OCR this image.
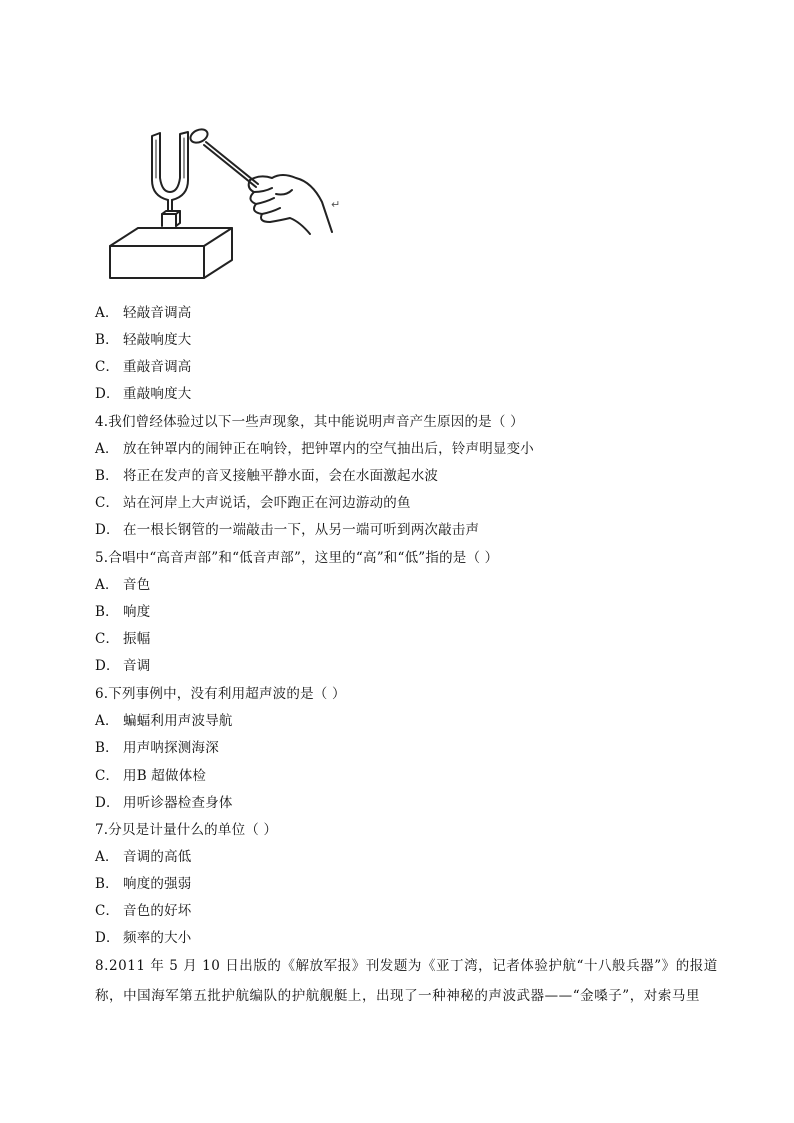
↵
A． 轻敲音调高
B． 轻敲响度大
C． 重敲音调高
D． 重敲响度大
4.我们曾经体验过以下一些声现象，其中能说明声音产生原因的是（ ）
A． 放在钟罩内的闹钟正在响铃，把钟罩内的空气抽出后，铃声明显变小
B． 将正在发声的音叉接触平静水面，会在水面激起水波
C． 站在河岸上大声说话，会吓跑正在河边游动的鱼
D． 在一根长钢管的一端敲击一下，从另一端可听到两次敲击声
5.合唱中“高音声部”和“低音声部”，这里的“高”和“低”指的是（ ）
A． 音色
B． 响度
C． 振幅
D． 音调
6.下列事例中，没有利用超声波的是（ ）
A． 蝙蝠利用声波导航
B． 用声呐探测海深
C． 用B 超做体检
D． 用听诊器检查身体
7.分贝是计量什么的单位（ ）
A． 音调的高低
B． 响度的强弱
C． 音色的好坏
D． 频率的大小
8.2011 年 5 月 10 日出版的《解放军报》刊发题为《亚丁湾，记者体验护航“十八般兵器”》的报道
称，中国海军第五批护航编队的护航舰艇上，出现了一种神秘的声波武器——“金嗓子”，对索马里
